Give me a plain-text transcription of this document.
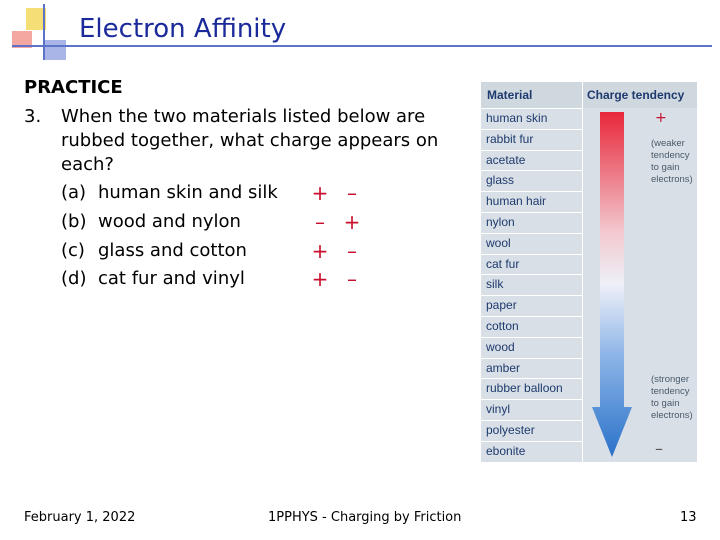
Electron Affinity
PRACTICE
3. When the two materials listed below are
rubbed together, what charge appears on
each?
(a) human skin and silk + –
(b) wood and nylon	– +
(c) glass and cotton	+ –
(d) cat fur and vinyl	+ –
Material	Charge tendency
human skin
rabbit fur
acetate
glass
human hair
nylon
wool
cat fur
silk
paper
cotton
wood
amber
rubber balloon
vinyl
polyester
ebonite
+
(weaker
tendency
to gain
electrons)
(stronger
tendency
to gain
electrons)
–
February 1, 2022	1PPHYS - Charging by Friction	13
